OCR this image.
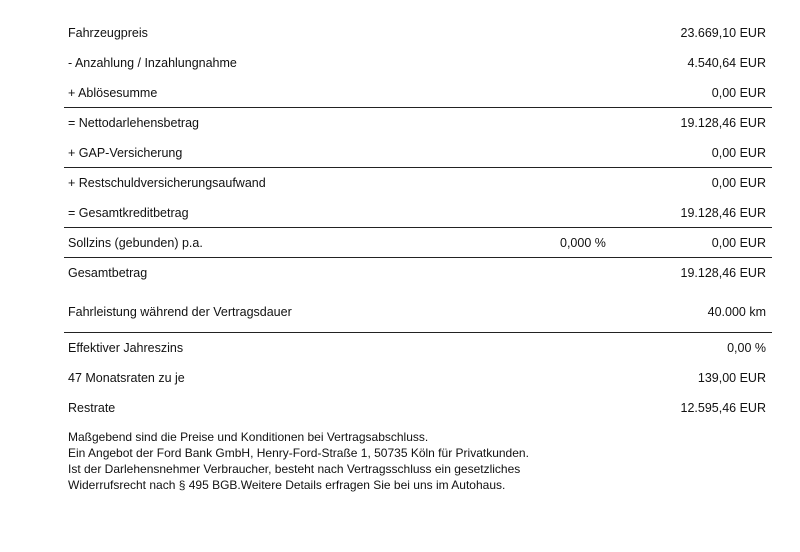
Fahrzeugpreis	23.669,10 EUR
- Anzahlung / Inzahlungnahme	4.540,64 EUR
+ Ablösesumme	0,00 EUR
= Nettodarlehensbetrag	19.128,46 EUR
+ GAP-Versicherung	0,00 EUR
+ Restschuldversicherungsaufwand	0,00 EUR
= Gesamtkreditbetrag	19.128,46 EUR
Sollzins (gebunden) p.a.	0,000 %	0,00 EUR
Gesamtbetrag	19.128,46 EUR
Fahrleistung während der Vertragsdauer	40.000 km
Effektiver Jahreszins	0,00 %
47 Monatsraten zu je	139,00 EUR
Restrate	12.595,46 EUR
Maßgebend sind die Preise und Konditionen bei Vertragsabschluss.
Ein Angebot der Ford Bank GmbH, Henry-Ford-Straße 1, 50735 Köln für Privatkunden.
Ist der Darlehensnehmer Verbraucher, besteht nach Vertragsschluss ein gesetzliches
Widerrufsrecht nach § 495 BGB.Weitere Details erfragen Sie bei uns im Autohaus.
